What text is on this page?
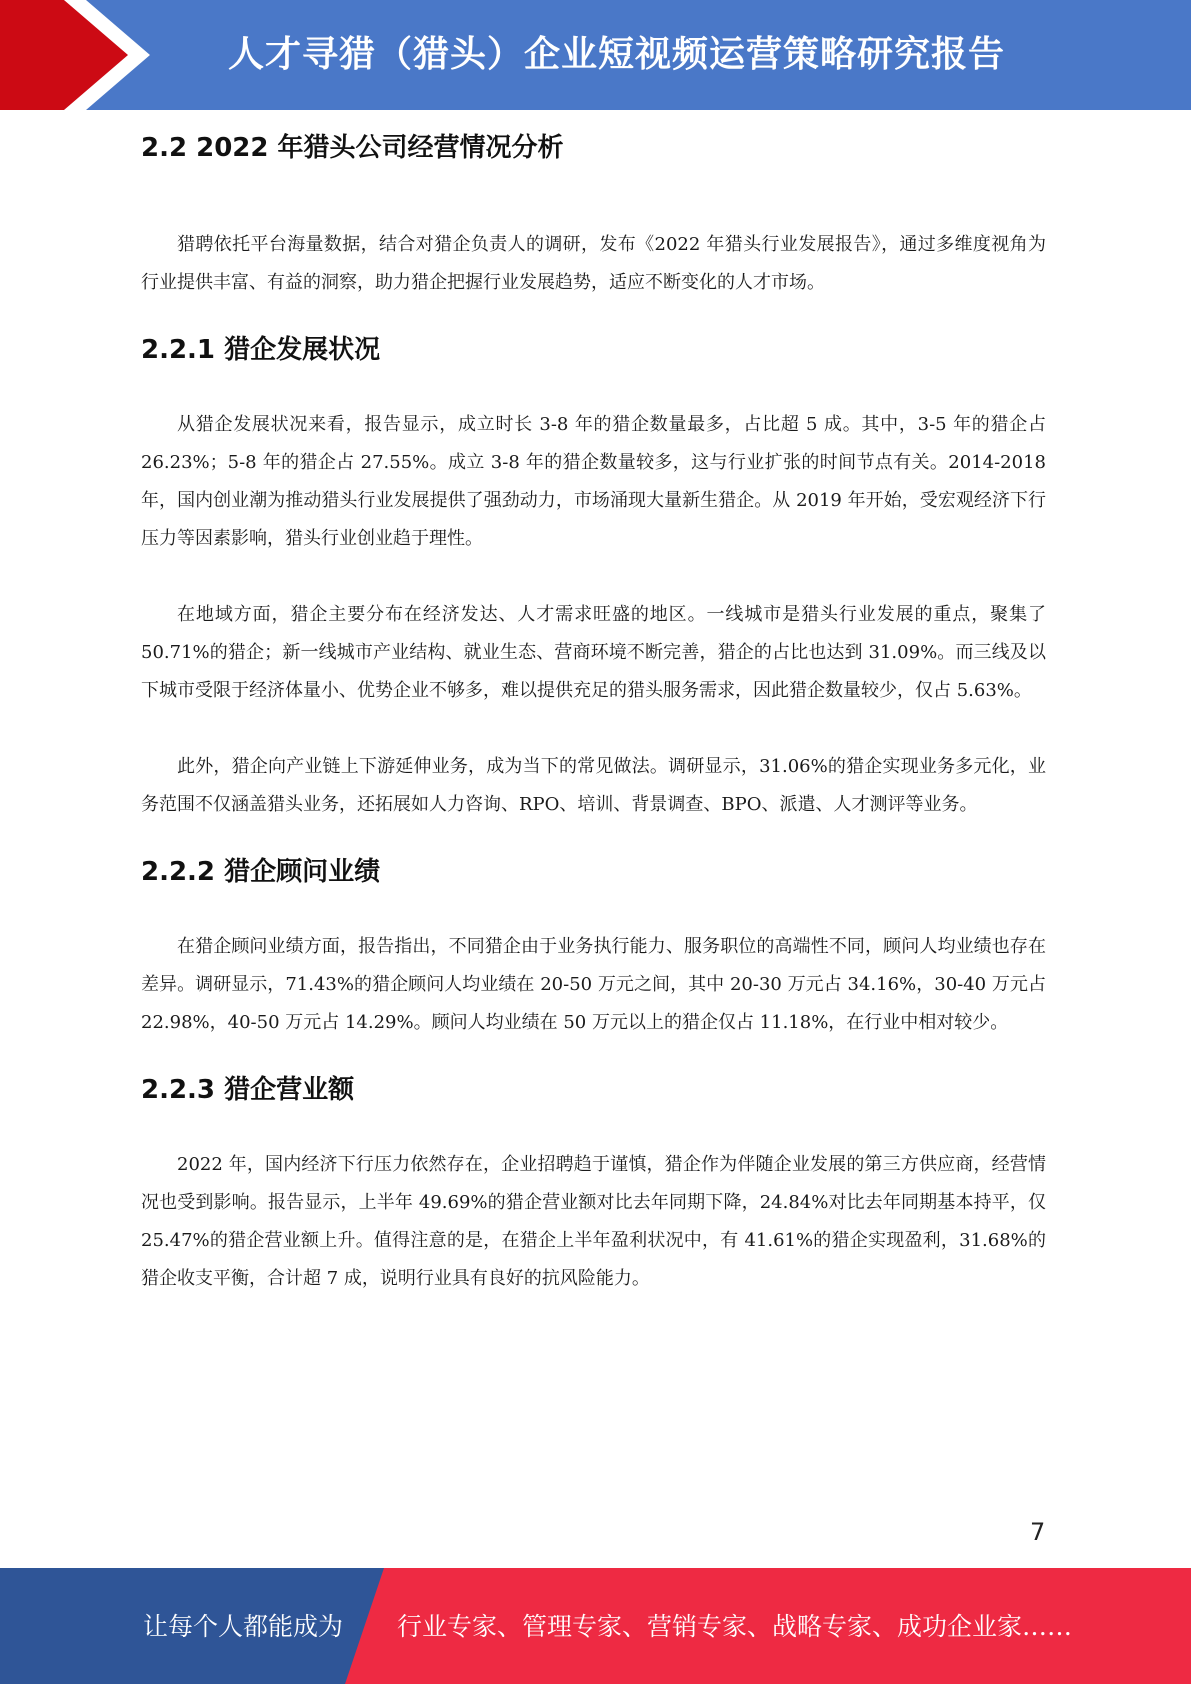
人才寻猎（猎头）企业短视频运营策略研究报告
2.2 2022 年猎头公司经营情况分析

猎聘依托平台海量数据，结合对猎企负责人的调研，发布《2022 年猎头行业发展报告》，通过多维度视角为行业提供丰富、有益的洞察，助力猎企把握行业发展趋势，适应不断变化的人才市场。

2.2.1 猎企发展状况

从猎企发展状况来看，报告显示，成立时长 3-8 年的猎企数量最多，占比超 5 成。其中，3-5 年的猎企占 26.23%；5-8 年的猎企占 27.55%。成立 3-8 年的猎企数量较多，这与行业扩张的时间节点有关。2014-2018 年，国内创业潮为推动猎头行业发展提供了强劲动力，市场涌现大量新生猎企。从 2019 年开始，受宏观经济下行压力等因素影响，猎头行业创业趋于理性。

在地域方面，猎企主要分布在经济发达、人才需求旺盛的地区。一线城市是猎头行业发展的重点，聚集了 50.71%的猎企；新一线城市产业结构、就业生态、营商环境不断完善，猎企的占比也达到 31.09%。而三线及以下城市受限于经济体量小、优势企业不够多，难以提供充足的猎头服务需求，因此猎企数量较少，仅占 5.63%。

此外，猎企向产业链上下游延伸业务，成为当下的常见做法。调研显示，31.06%的猎企实现业务多元化，业务范围不仅涵盖猎头业务，还拓展如人力咨询、RPO、培训、背景调查、BPO、派遣、人才测评等业务。

2.2.2 猎企顾问业绩

在猎企顾问业绩方面，报告指出，不同猎企由于业务执行能力、服务职位的高端性不同，顾问人均业绩也存在差异。调研显示，71.43%的猎企顾问人均业绩在 20-50 万元之间，其中 20-30 万元占 34.16%，30-40 万元占 22.98%，40-50 万元占 14.29%。顾问人均业绩在 50 万元以上的猎企仅占 11.18%，在行业中相对较少。

2.2.3 猎企营业额

2022 年，国内经济下行压力依然存在，企业招聘趋于谨慎，猎企作为伴随企业发展的第三方供应商，经营情况也受到影响。报告显示，上半年 49.69%的猎企营业额对比去年同期下降，24.84%对比去年同期基本持平，仅 25.47%的猎企营业额上升。值得注意的是，在猎企上半年盈利状况中，有 41.61%的猎企实现盈利，31.68%的猎企收支平衡，合计超 7 成，说明行业具有良好的抗风险能力。

7
让每个人都能成为 行业专家、管理专家、营销专家、战略专家、成功企业家……
